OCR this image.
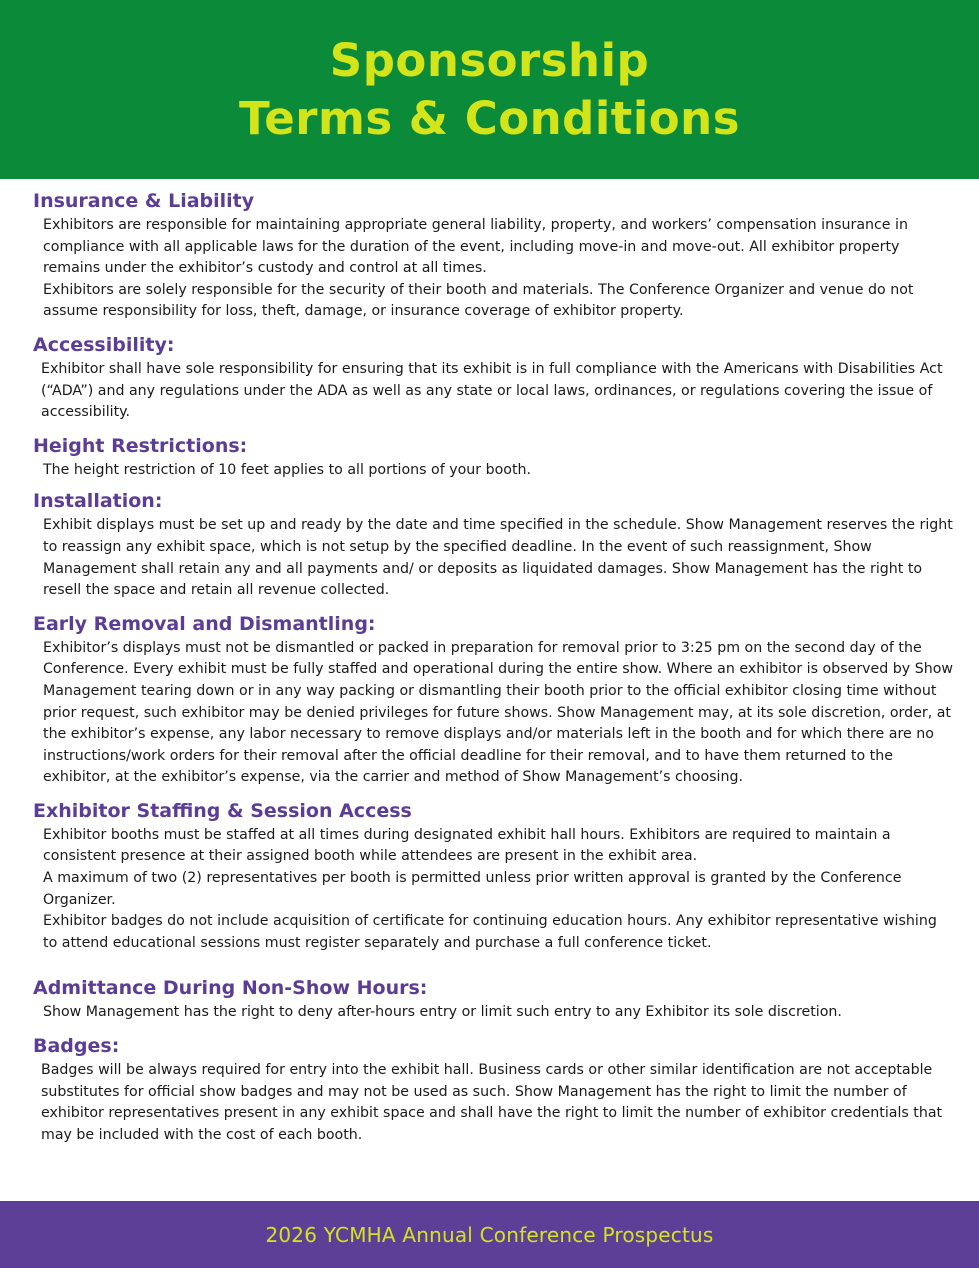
Sponsorship
Terms & Conditions
Insurance & Liability

Exhibitors are responsible for maintaining appropriate general liability, property, and workers’ compensation insurance in compliance with all applicable laws for the duration of the event, including move-in and move-out. All exhibitor property remains under the exhibitor’s custody and control at all times.

Exhibitors are solely responsible for the security of their booth and materials. The Conference Organizer and venue do not assume responsibility for loss, theft, damage, or insurance coverage of exhibitor property.

Accessibility:

Exhibitor shall have sole responsibility for ensuring that its exhibit is in full compliance with the Americans with Disabilities Act (“ADA”) and any regulations under the ADA as well as any state or local laws, ordinances, or regulations covering the issue of accessibility.

Height Restrictions:

The height restriction of 10 feet applies to all portions of your booth.

Installation:

Exhibit displays must be set up and ready by the date and time specified in the schedule. Show Management reserves the right to reassign any exhibit space, which is not setup by the specified deadline. In the event of such reassignment, Show Management shall retain any and all payments and/ or deposits as liquidated damages. Show Management has the right to resell the space and retain all revenue collected.

Early Removal and Dismantling:

Exhibitor’s displays must not be dismantled or packed in preparation for removal prior to 3:25 pm on the second day of the Conference. Every exhibit must be fully staffed and operational during the entire show. Where an exhibitor is observed by Show Management tearing down or in any way packing or dismantling their booth prior to the official exhibitor closing time without prior request, such exhibitor may be denied privileges for future shows. Show Management may, at its sole discretion, order, at the exhibitor’s expense, any labor necessary to remove displays and/or materials left in the booth and for which there are no instructions/work orders for their removal after the official deadline for their removal, and to have them returned to the exhibitor, at the exhibitor’s expense, via the carrier and method of Show Management’s choosing.

Exhibitor Staffing & Session Access

Exhibitor booths must be staffed at all times during designated exhibit hall hours. Exhibitors are required to maintain a consistent presence at their assigned booth while attendees are present in the exhibit area.

A maximum of two (2) representatives per booth is permitted unless prior written approval is granted by the Conference Organizer.

Exhibitor badges do not include acquisition of certificate for continuing education hours. Any exhibitor representative wishing to attend educational sessions must register separately and purchase a full conference ticket.

Admittance During Non-Show Hours:

Show Management has the right to deny after-hours entry or limit such entry to any Exhibitor its sole discretion.

Badges:

Badges will be always required for entry into the exhibit hall. Business cards or other similar identification are not acceptable substitutes for official show badges and may not be used as such. Show Management has the right to limit the number of exhibitor representatives present in any exhibit space and shall have the right to limit the number of exhibitor credentials that may be included with the cost of each booth.

2026 YCMHA Annual Conference Prospectus
